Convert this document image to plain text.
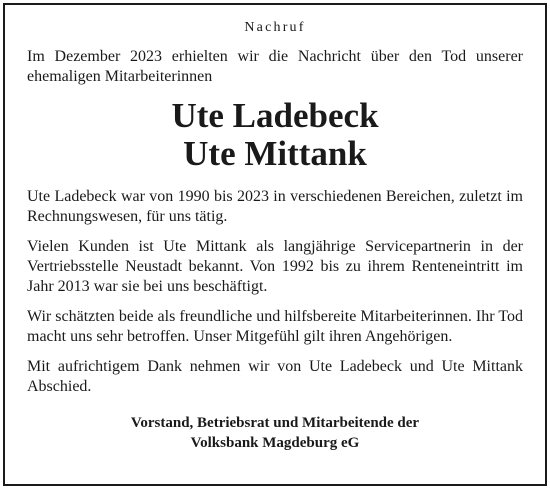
Nachruf

Im Dezember 2023 erhielten wir die Nachricht über den Tod unserer ehemaligen Mitarbeiterinnen

Ute Ladebeck
Ute Mittank

Ute Ladebeck war von 1990 bis 2023 in verschiedenen Bereichen, zuletzt im Rechnungswesen, für uns tätig.

Vielen Kunden ist Ute Mittank als langjährige Servicepartnerin in der Vertriebsstelle Neustadt bekannt. Von 1992 bis zu ihrem Renteneintritt im Jahr 2013 war sie bei uns beschäftigt.

Wir schätzten beide als freundliche und hilfsbereite Mitarbeiterinnen. Ihr Tod macht uns sehr betroffen. Unser Mitgefühl gilt ihren Angehörigen.

Mit aufrichtigem Dank nehmen wir von Ute Ladebeck und Ute Mittank Abschied.

Vorstand, Betriebsrat und Mitarbeitende der
Volksbank Magdeburg eG
